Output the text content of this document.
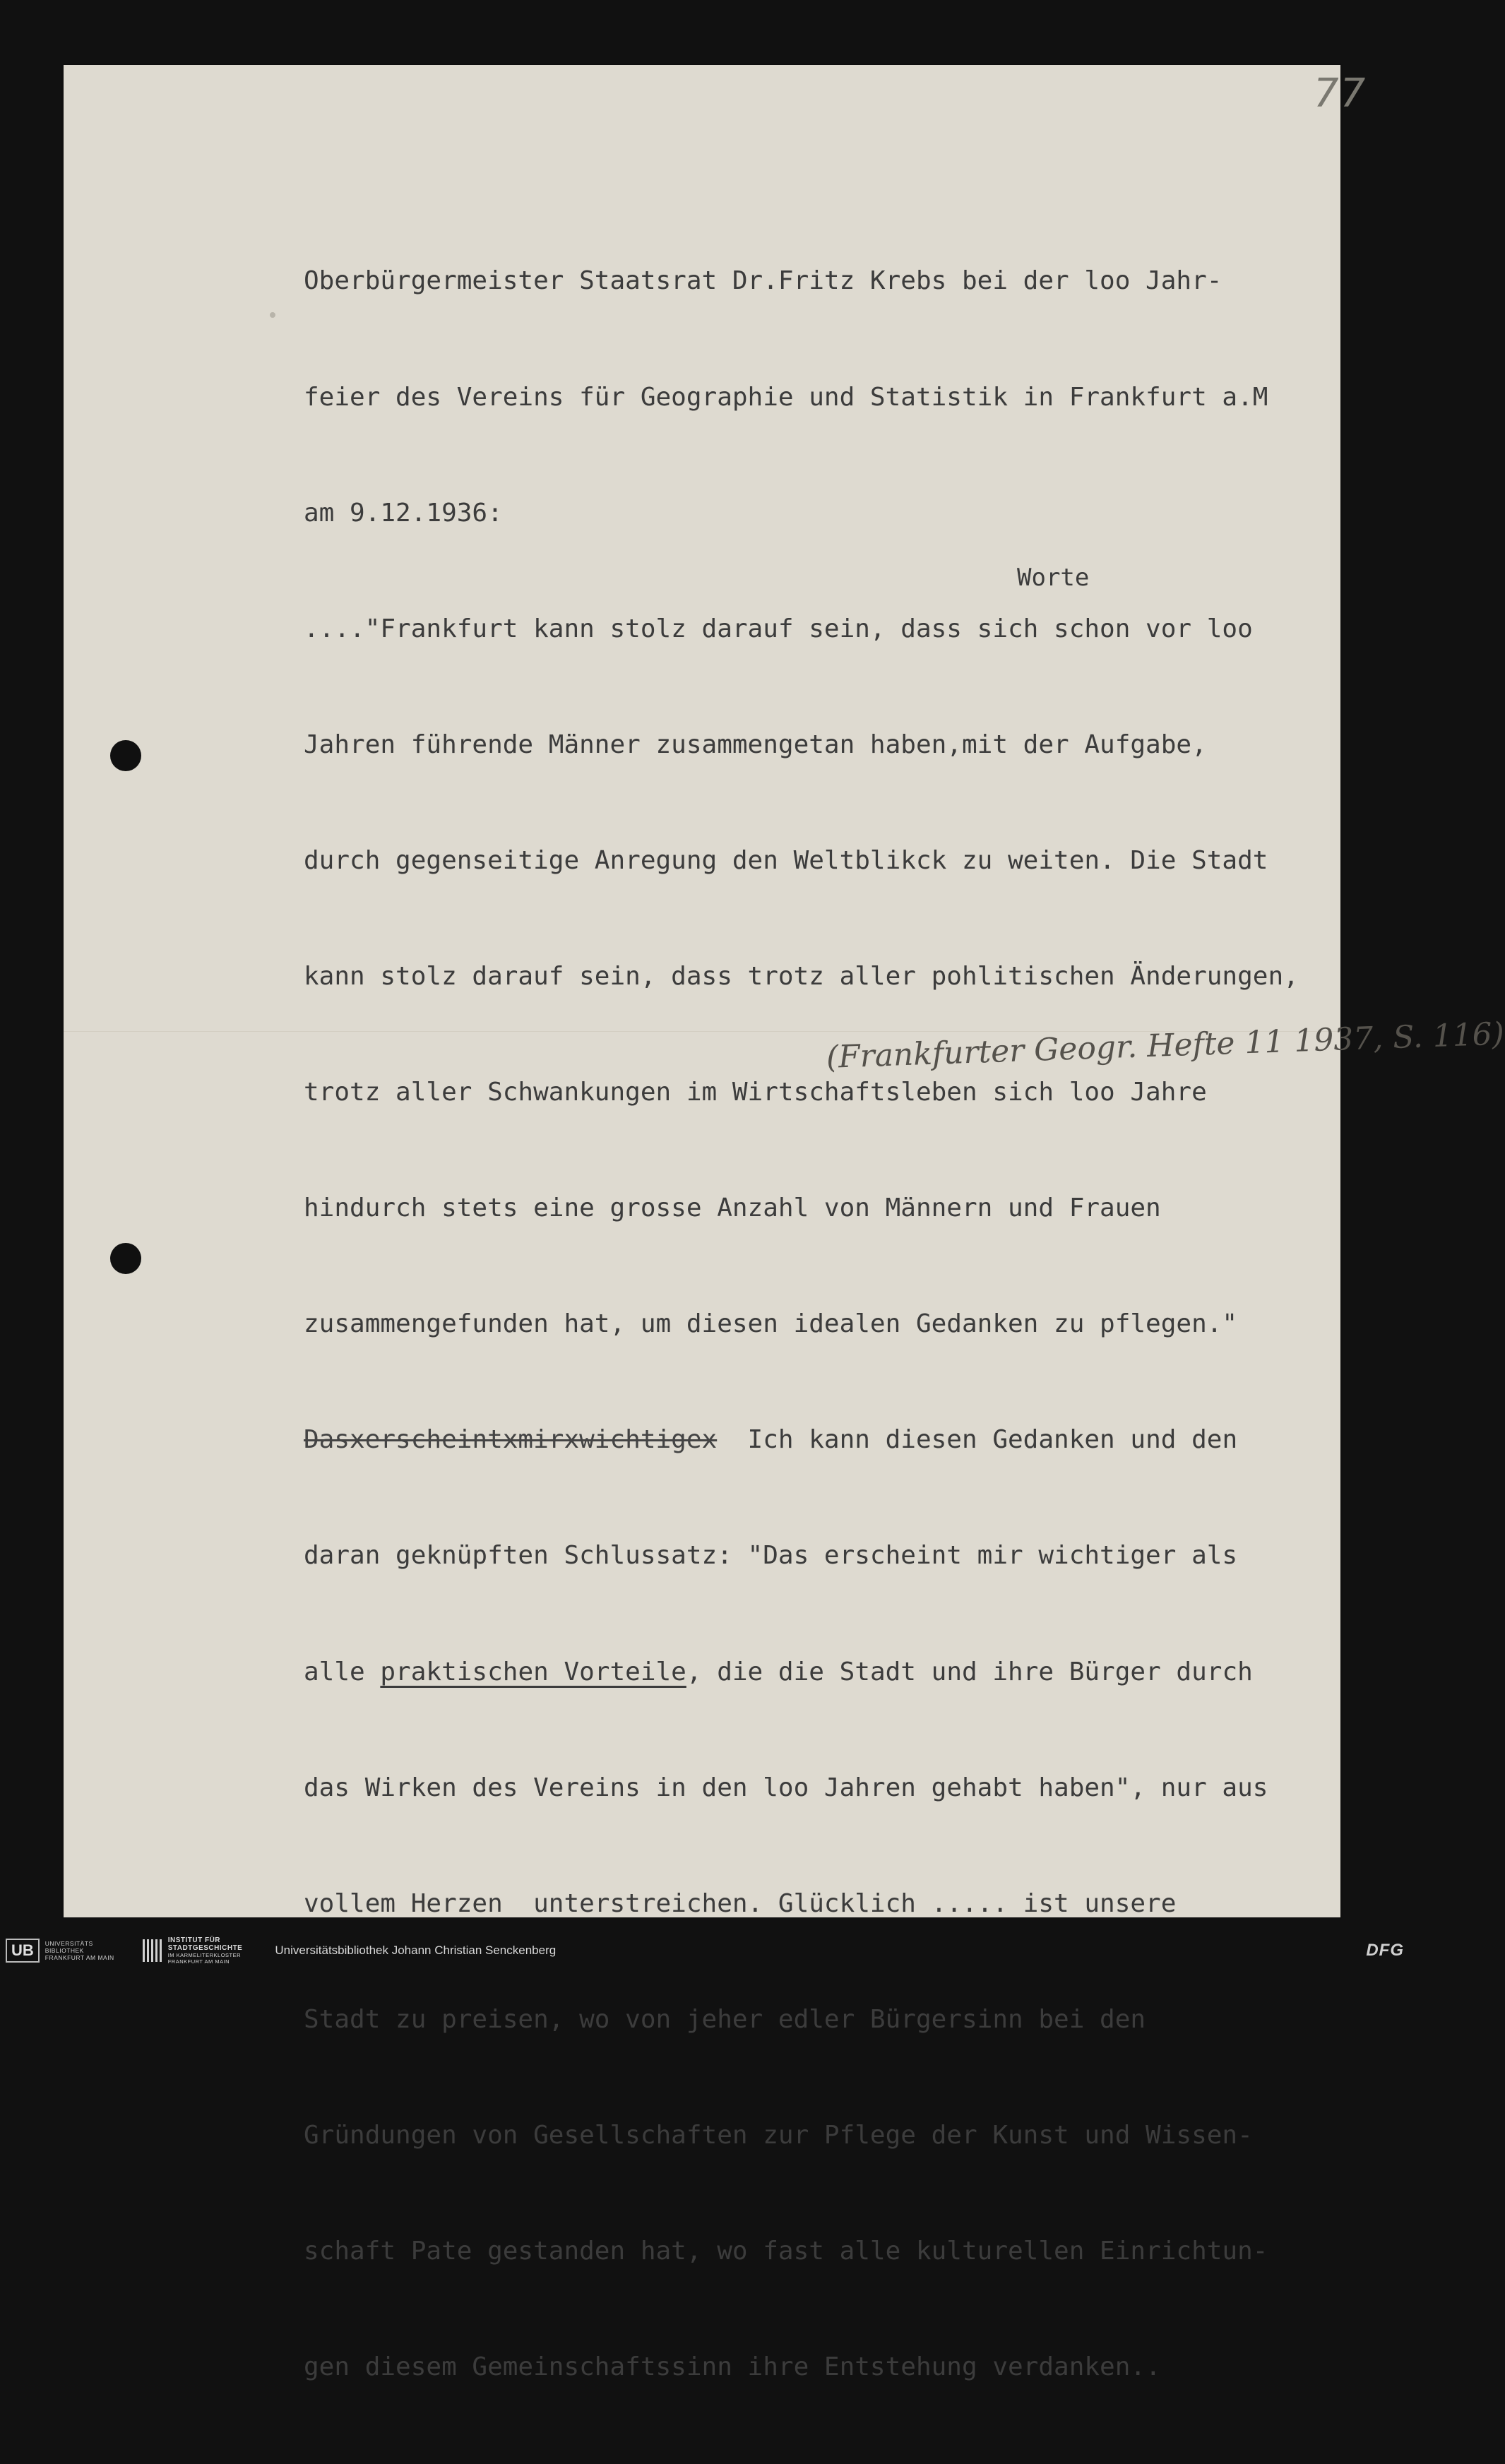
77

Oberbürgermeister Staatsrat Dr.Fritz Krebs bei der loo Jahr-

feier des Vereins für Geographie und Statistik in Frankfurt a.M

am 9.12.1936:

...."Frankfurt kann stolz darauf sein, dass sich schon vor loo

Jahren führende Männer zusammengetan haben,mit der Aufgabe,

durch gegenseitige Anregung den Weltblikck zu weiten. Die Stadt

kann stolz darauf sein, dass trotz aller pohlitischen Änderungen,

trotz aller Schwankungen im Wirtschaftsleben sich loo Jahre

hindurch stets eine grosse Anzahl von Männern und Frauen

zusammengefunden hat, um diesen idealen Gedanken zu pflegen."

Dasxerscheintxmirxwichtigex  Ich kann diesen Gedanken und den

daran geknüpften Schlussatz: "Das erscheint mir wichtiger als

alle praktischen Vorteile, die die Stadt und ihre Bürger durch

das Wirken des Vereins in den loo Jahren gehabt haben", nur aus

vollem Herzen  unterstreichen. Glücklich ..... ist unsere

Stadt zu preisen, wo von jeher edler Bürgersinn bei den

Gründungen von Gesellschaften zur Pflege der Kunst und Wissen-

schaft Pate gestanden hat, wo fast alle kulturellen Einrichtun-

gen diesem Gemeinschaftssinn ihre Entstehung verdanken..

Worte
(Frankfurter Geogr. Hefte 11 1937, S. 116)
UB	UNIVERSITÄTS
BIBLIOTHEK
FRANKFURT AM MAIN
INSTITUT FÜR
STADTGESCHICHTE
IM KARMELITERKLOSTER
FRANKFURT AM MAIN
Universitätsbibliothek Johann Christian Senckenberg	DFG
